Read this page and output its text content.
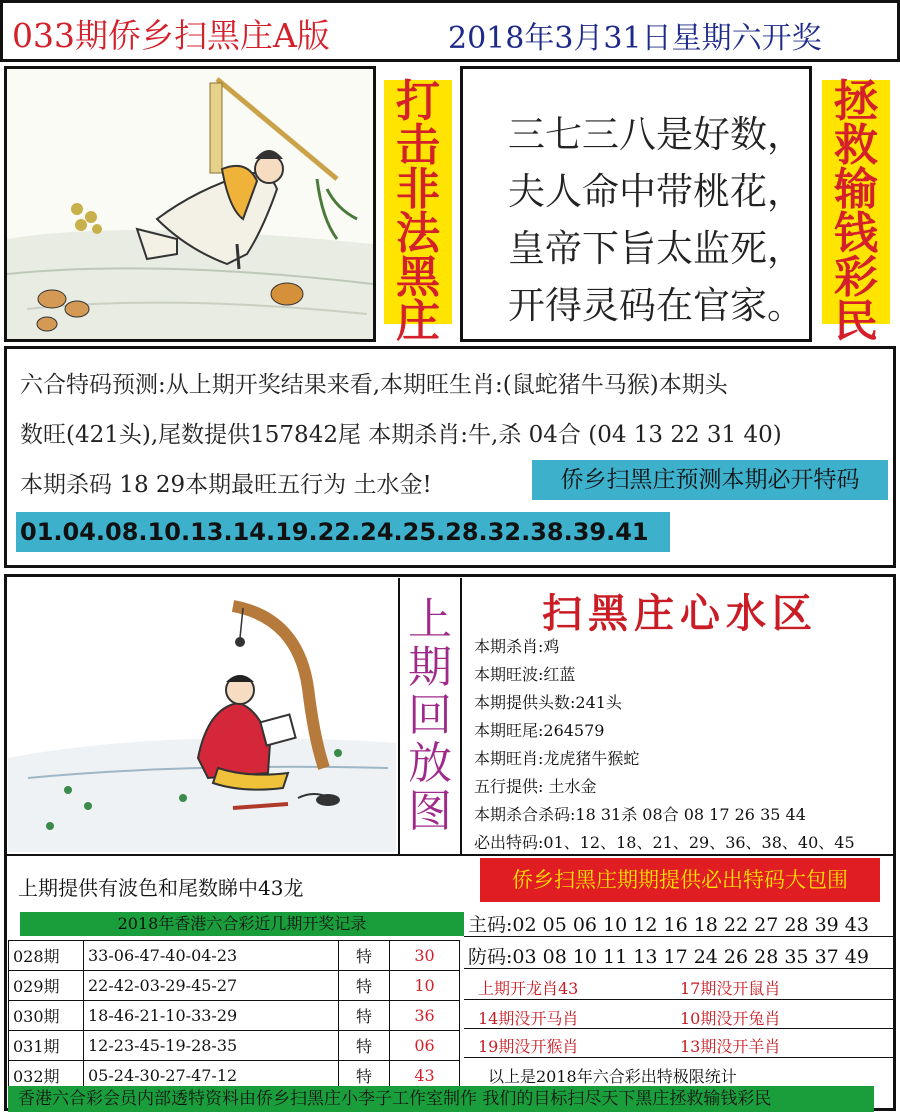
033期侨乡扫黑庄A版	2018年3月31日星期六开奖
打
击
非
法
黑
庄
三七三八是好数，
夫人命中带桃花，
皇帝下旨太监死，
开得灵码在官家。
拯
救
输
钱
彩
民
六合特码预测:从上期开奖结果来看,本期旺生肖:(鼠蛇猪牛马猴)本期头
数旺(421头),尾数提供157842尾 本期杀肖:牛,杀 04合 (04 13 22 31 40)
本期杀码 18 29本期最旺五行为 土水金!	侨乡扫黑庄预测本期必开特码
01.04.08.10.13.14.19.22.24.25.28.32.38.39.41
上
期
回
放
图
扫黑庄心水区
本期杀肖:鸡
本期旺波:红蓝
本期提供头数:241头
本期旺尾:264579
本期旺肖:龙虎猪牛猴蛇
五行提供: 土水金
本期杀合杀码:18 31杀 08合 08 17 26 35 44
必出特码:01、12、18、21、29、36、38、40、45
上期提供有波色和尾数睇中43龙	侨乡扫黑庄期期提供必出特码大包围
2018年香港六合彩近几期开奖记录
028期	33-06-47-40-04-23	特	30
029期	22-42-03-29-45-27	特	10
030期	18-46-21-10-33-29	特	36
031期	12-23-45-19-28-35	特	06
032期	05-24-30-27-47-12	特	43
主码:02 05 06 10 12 16 18 22 27 28 39 43
防码:03 08 10 11 13 17 24 26 28 35 37 49
上期开龙肖43	17期没开鼠肖
14期没开马肖	10期没开兔肖
19期没开猴肖	13期没开羊肖
以上是2018年六合彩出特极限统计
香港六合彩会员内部透特资料由侨乡扫黑庄小李子工作室制作 我们的目标扫尽天下黑庄拯救输钱彩民
